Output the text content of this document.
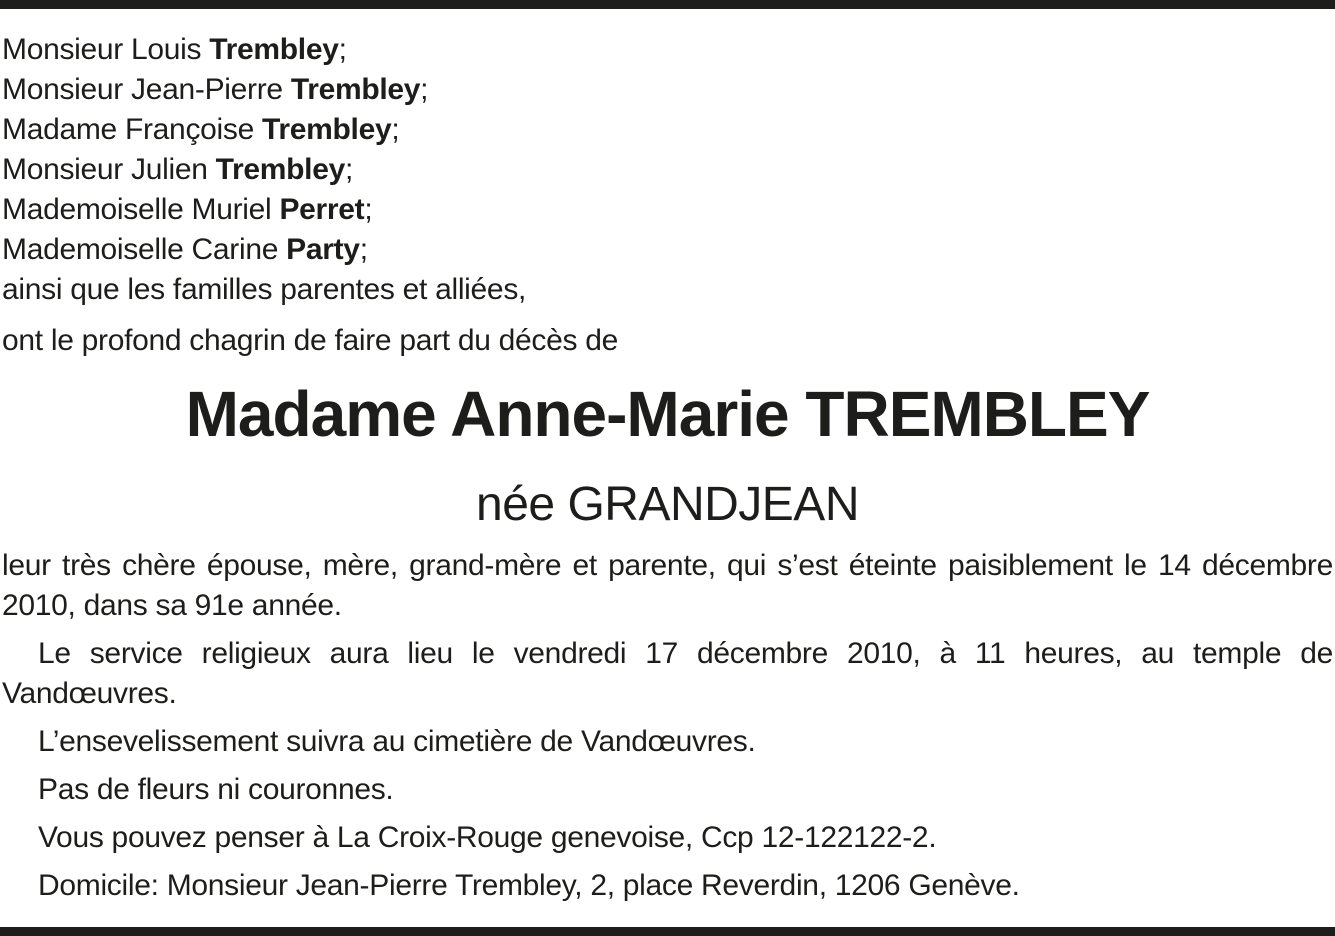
Monsieur Louis Trembley;
Monsieur Jean-Pierre Trembley;
Madame Françoise Trembley;
Monsieur Julien Trembley;
Mademoiselle Muriel Perret;
Mademoiselle Carine Party;
ainsi que les familles parentes et alliées,
ont le profond chagrin de faire part du décès de
Madame Anne-Marie TREMBLEY
née GRANDJEAN

leur très chère épouse, mère, grand-mère et parente, qui s’est éteinte paisiblement le 14 décembre 2010, dans sa 91e année.

Le service religieux aura lieu le vendredi 17 décembre 2010, à 11 heures, au temple de Vandœuvres.

L’ensevelissement suivra au cimetière de Vandœuvres.

Pas de fleurs ni couronnes.

Vous pouvez penser à La Croix-Rouge genevoise, Ccp 12-122122-2.

Domicile: Monsieur Jean-Pierre Trembley, 2, place Reverdin, 1206 Genève.
